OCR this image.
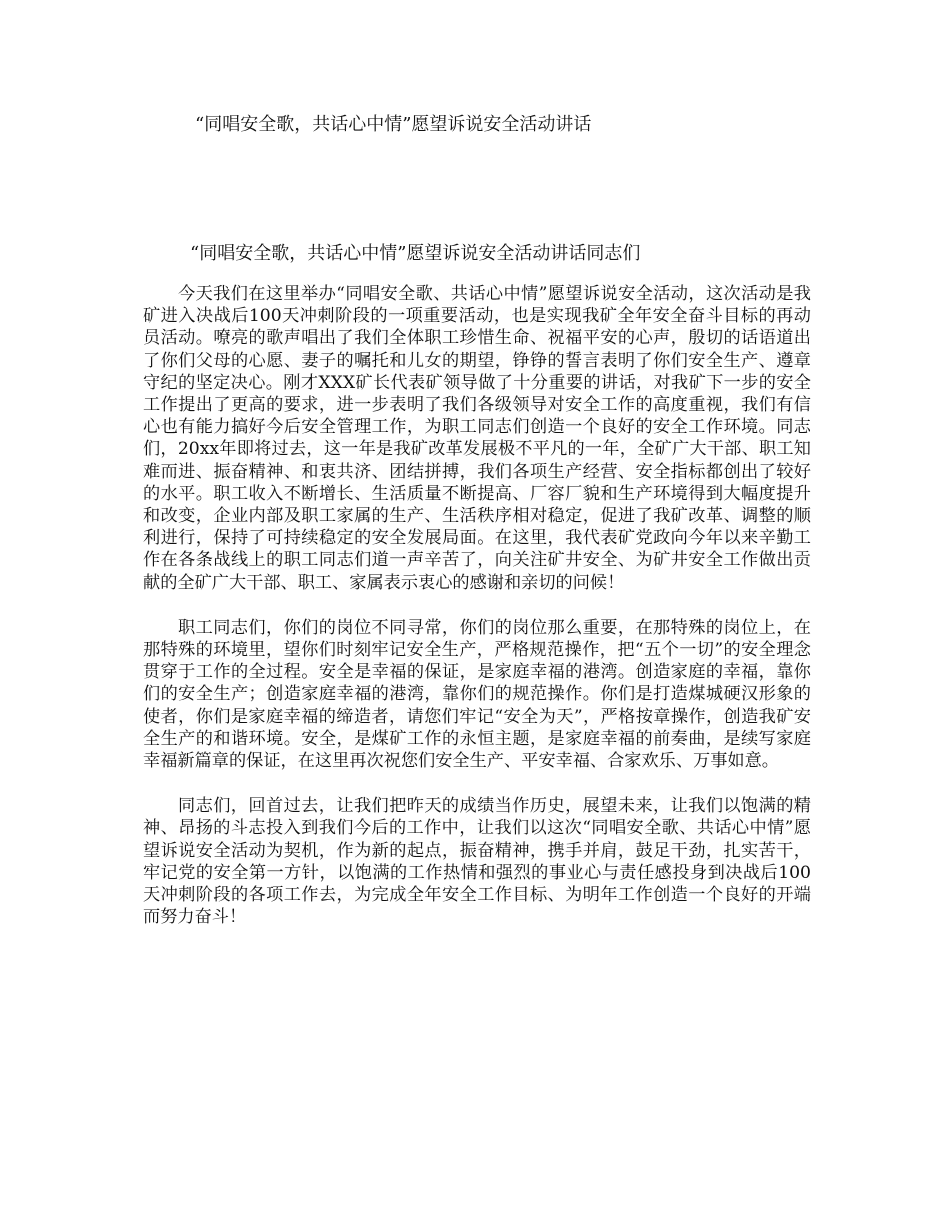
“同唱安全歌，共话心中情”愿望诉说安全活动讲话

“同唱安全歌，共话心中情”愿望诉说安全活动讲话同志们

今天我们在这里举办“同唱安全歌、共话心中情”愿望诉说安全活动，这次活动是我矿进入决战后100天冲刺阶段的一项重要活动，也是实现我矿全年安全奋斗目标的再动员活动。嘹亮的歌声唱出了我们全体职工珍惜生命、祝福平安的心声，殷切的话语道出了你们父母的心愿、妻子的嘱托和儿女的期望，铮铮的誓言表明了你们安全生产、遵章守纪的坚定决心。刚才XXX矿长代表矿领导做了十分重要的讲话，对我矿下一步的安全工作提出了更高的要求，进一步表明了我们各级领导对安全工作的高度重视，我们有信心也有能力搞好今后安全管理工作，为职工同志们创造一个良好的安全工作环境。同志们，20xx年即将过去，这一年是我矿改革发展极不平凡的一年，全矿广大干部、职工知难而进、振奋精神、和衷共济、团结拼搏，我们各项生产经营、安全指标都创出了较好的水平。职工收入不断增长、生活质量不断提高、厂容厂貌和生产环境得到大幅度提升和改变，企业内部及职工家属的生产、生活秩序相对稳定，促进了我矿改革、调整的顺利进行，保持了可持续稳定的安全发展局面。在这里，我代表矿党政向今年以来辛勤工作在各条战线上的职工同志们道一声辛苦了，向关注矿井安全、为矿井安全工作做出贡献的全矿广大干部、职工、家属表示衷心的感谢和亲切的问候！

职工同志们，你们的岗位不同寻常，你们的岗位那么重要，在那特殊的岗位上，在那特殊的环境里，望你们时刻牢记安全生产，严格规范操作，把“五个一切”的安全理念贯穿于工作的全过程。安全是幸福的保证，是家庭幸福的港湾。创造家庭的幸福，靠你们的安全生产；创造家庭幸福的港湾，靠你们的规范操作。你们是打造煤城硬汉形象的使者，你们是家庭幸福的缔造者，请您们牢记“安全为天”，严格按章操作，创造我矿安全生产的和谐环境。安全，是煤矿工作的永恒主题，是家庭幸福的前奏曲，是续写家庭幸福新篇章的保证，在这里再次祝您们安全生产、平安幸福、合家欢乐、万事如意。

同志们，回首过去，让我们把昨天的成绩当作历史，展望未来，让我们以饱满的精神、昂扬的斗志投入到我们今后的工作中，让我们以这次“同唱安全歌、共话心中情”愿望诉说安全活动为契机，作为新的起点，振奋精神，携手并肩，鼓足干劲，扎实苦干，牢记党的安全第一方针，以饱满的工作热情和强烈的事业心与责任感投身到决战后100天冲刺阶段的各项工作去，为完成全年安全工作目标、为明年工作创造一个良好的开端而努力奋斗！
